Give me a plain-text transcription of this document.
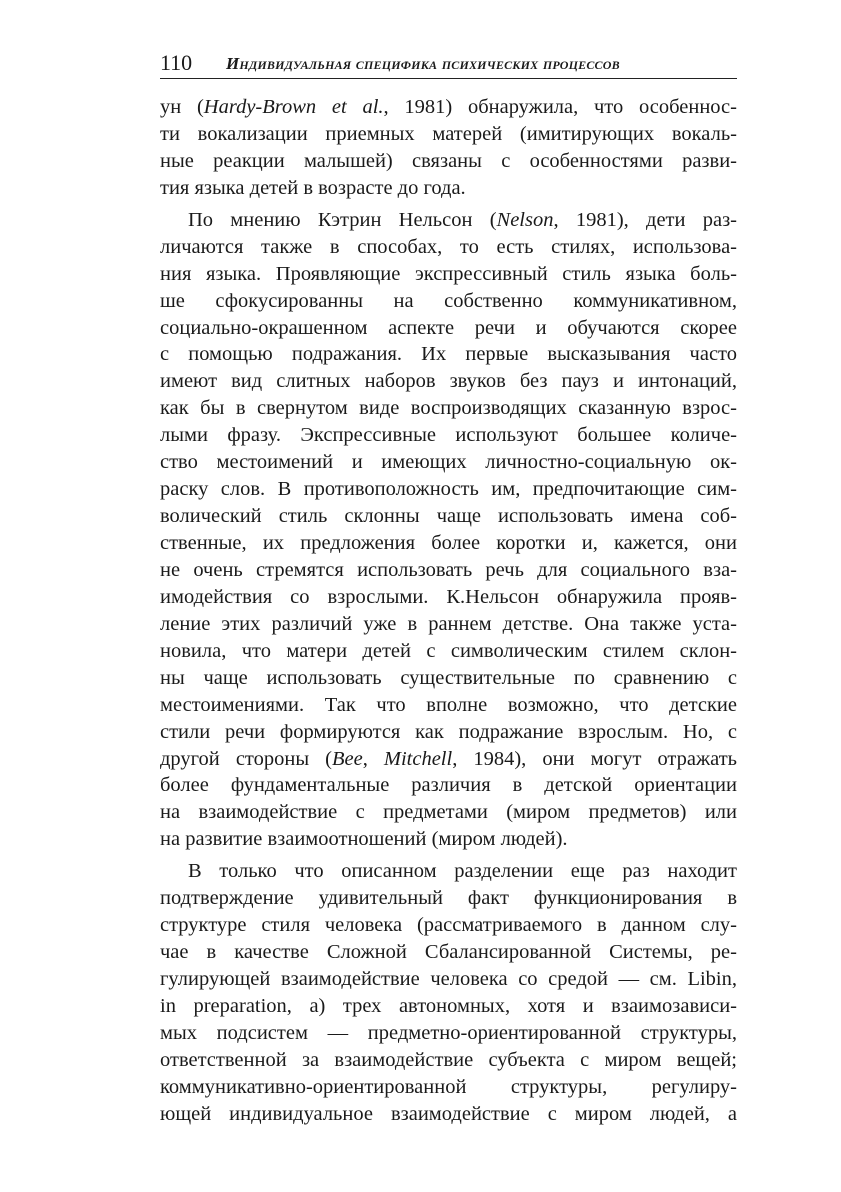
110 Индивидуальная специфика психических процессов
ун (Hardy-Brown et al., 1981) обнаружила, что особеннос-
ти вокализации приемных матерей (имитирующих вокаль-
ные реакции малышей) связаны с особенностями разви-
тия языка детей в возрасте до года.
По мнению Кэтрин Нельсон (Nelson, 1981), дети раз-
личаются также в способах, то есть стилях, использова-
ния языка. Проявляющие экспрессивный стиль языка боль-
ше сфокусированны на собственно коммуникативном,
социально-окрашенном аспекте речи и обучаются скорее
с помощью подражания. Их первые высказывания часто
имеют вид слитных наборов звуков без пауз и интонаций,
как бы в свернутом виде воспроизводящих сказанную взрос-
лыми фразу. Экспрессивные используют большее количе-
ство местоимений и имеющих личностно-социальную ок-
раску слов. В противоположность им, предпочитающие сим-
волический стиль склонны чаще использовать имена соб-
ственные, их предложения более коротки и, кажется, они
не очень стремятся использовать речь для социального вза-
имодействия со взрослыми. К.Нельсон обнаружила прояв-
ление этих различий уже в раннем детстве. Она также уста-
новила, что матери детей с символическим стилем склон-
ны чаще использовать существительные по сравнению с
местоимениями. Так что вполне возможно, что детские
стили речи формируются как подражание взрослым. Но, с
другой стороны (Bee, Mitchell, 1984), они могут отражать
более фундаментальные различия в детской ориентации
на взаимодействие с предметами (миром предметов) или
на развитие взаимоотношений (миром людей).
В только что описанном разделении еще раз находит
подтверждение удивительный факт функционирования в
структуре стиля человека (рассматриваемого в данном слу-
чае в качестве Сложной Сбалансированной Системы, ре-
гулирующей взаимодействие человека со средой — см. Libin,
in preparation, а) трех автономных, хотя и взаимозависи-
мых подсистем — предметно-ориентированной структуры,
ответственной за взаимодействие субъекта с миром вещей;
коммуникативно-ориентированной структуры, регулиру-
ющей индивидуальное взаимодействие с миром людей, а
